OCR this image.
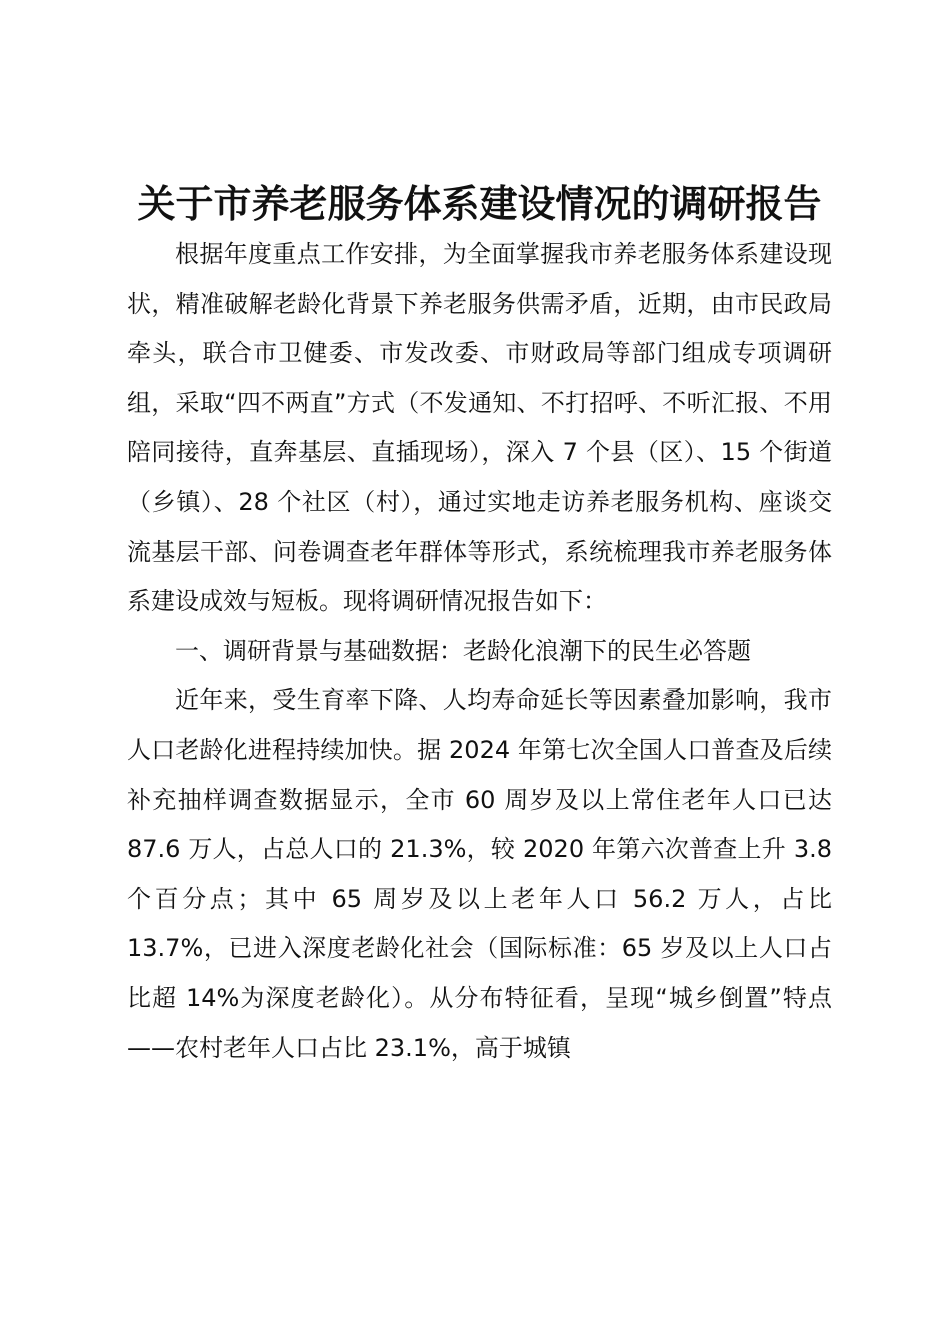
关于市养老服务体系建设情况的调研报告

根据年度重点工作安排，为全面掌握我市养老服务体系建设现状，精准破解老龄化背景下养老服务供需矛盾，近期，由市民政局牵头，联合市卫健委、市发改委、市财政局等部门组成专项调研组，采取“四不两直”方式（不发通知、不打招呼、不听汇报、不用陪同接待，直奔基层、直插现场），深入 7 个县（区）、15 个街道（乡镇）、28 个社区（村），通过实地走访养老服务机构、座谈交流基层干部、问卷调查老年群体等形式，系统梳理我市养老服务体系建设成效与短板。现将调研情况报告如下：

一、调研背景与基础数据：老龄化浪潮下的民生必答题

近年来，受生育率下降、人均寿命延长等因素叠加影响，我市人口老龄化进程持续加快。据 2024 年第七次全国人口普查及后续补充抽样调查数据显示，全市 60 周岁及以上常住老年人口已达 87.6 万人，占总人口的 21.3%，较 2020 年第六次普查上升 3.8 个百分点；其中 65 周岁及以上老年人口 56.2 万人，占比 13.7%，已进入深度老龄化社会（国际标准：65 岁及以上人口占比超 14%为深度老龄化）。从分布特征看，呈现“城乡倒置”特点——农村老年人口占比 23.1%，高于城镇
